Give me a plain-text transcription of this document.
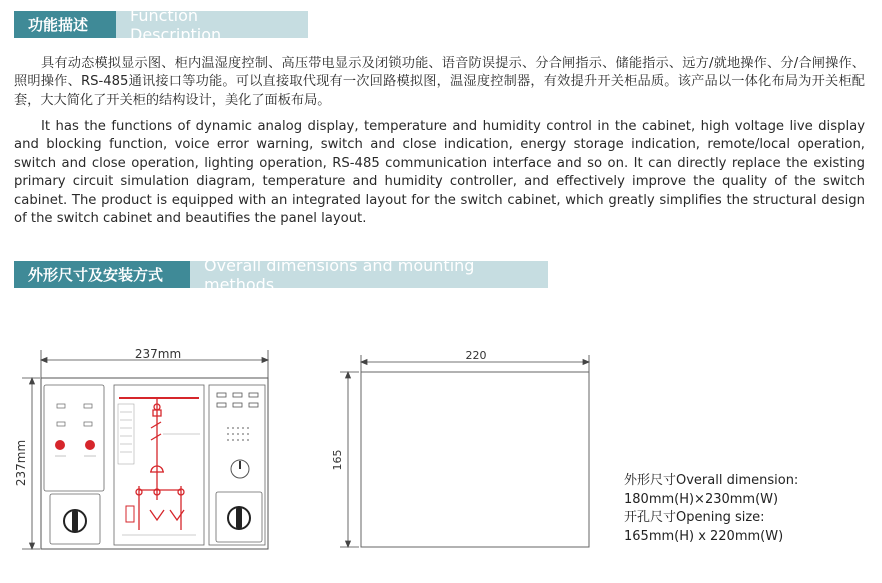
功能描述
Function Description

具有动态模拟显示图、柜内温湿度控制、高压带电显示及闭锁功能、语音防误提示、分合闸指示、储能指示、远方/就地操作、分/合闸操作、照明操作、RS-485通讯接口等功能。可以直接取代现有一次回路模拟图，温湿度控制器，有效提升开关柜品质。该产品以一体化布局为开关柜配套，大大简化了开关柜的结构设计，美化了面板布局。

It has the functions of dynamic analog display, temperature and humidity control in the cabinet, high voltage live display and blocking function, voice error warning, switch and close indication, energy storage indication, remote/local operation, switch and close operation, lighting operation, RS-485 communication interface and so on. It can directly replace the existing primary circuit simulation diagram, temperature and humidity controller, and effectively improve the quality of the switch cabinet. The product is equipped with an integrated layout for the switch cabinet, which greatly simplifies the structural design of the switch cabinet and beautifies the panel layout.

外形尺寸及安装方式
Overall dimensions and mounting methods
237mm
237mm
220
165
外形尺寸Overall dimension:
180mm(H)×230mm(W)
开孔尺寸Opening size:
165mm(H) x 220mm(W)
